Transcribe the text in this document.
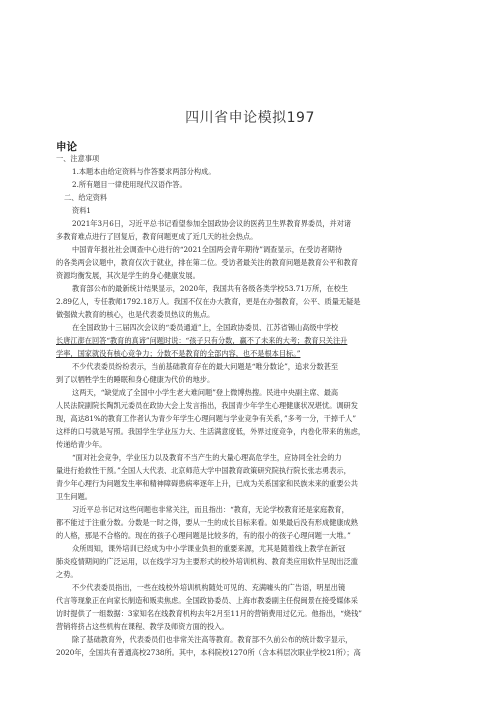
四川省申论模拟197
申论
一、注意事项
1.本题本由给定资料与作答要求两部分构成。
2.所有题目一律使用现代汉语作答。
二、给定资料
资料1
2021年3月6日，习近平总书记看望参加全国政协会议的医药卫生界教育界委员，并对诸
多教育难点进行了回复后，教育问题更成了近几天的社会热点。
中国青年报社社会调查中心进行的“2021全国两会青年期待”调查显示，在受访者期待
的各类两会议题中，教育仅次于就业，排在第二位。受访者最关注的教育问题是教育公平和教育
资源均衡发展，其次是学生的身心健康发展。
教育部公布的最新统计结果显示，2020年，我国共有各级各类学校53.71万所，在校生
2.89亿人，专任教师1792.18万人。我国不仅在办大教育，更是在办强教育，公平、质量无疑是
做强做大教育的核心，也是代表委员热议的焦点。
在全国政协十三届四次会议的“委员通道”上，全国政协委员、江苏省锡山高级中学校
长唐江澎在回答“教育的真谛”问题时说：“孩子只有分数，赢不了未来的大考；教育只关注升
学率，国家就没有核心竞争力；分数不是教育的全部内容，也不是根本目标。”
不少代表委员纷纷表示，当前基础教育存在的最大问题是“唯分数论”，追求分数甚至
到了以牺牲学生的睡眠和身心健康为代价的地步。
这两天，“缺觉成了全国中小学生老大难问题”登上微博热搜。民进中央副主席、最高
人民法院副院长陶凯元委员在政协大会上发言指出，我国青少年学生心理健康状况堪忧。调研发
现，高达81%的教育工作者认为青少年学生心理问题与学业竞争有关系，”多考一分，干掉千人”
这样的口号就是写照。我国学生学业压力大、生活满意度低，外界过度竞争，内卷化带来的焦虑，
传递给青少年。
“面对社会竞争，学业压力以及教育不当产生的大量心理高危学生，应协同全社会的力
量进行抢救性干预。”全国人大代表、北京师范大学中国教育政策研究院执行院长张志勇表示，
青少年心理行为问题发生率和精神障碍患病率逐年上升，已成为关系国家和民族未来的重要公共
卫生问题。
习近平总书记对这些问题也非常关注，而且指出：“教育，无论学校教育还是家庭教育，
都不能过于注重分数。分数是一时之得，要从一生的成长目标来看。如果最后没有形成健康成熟
的人格，那是不合格的。现在的孩子心理问题是比较多的，有的很小的孩子心理问题一大堆。”
众所周知，课外培训已经成为中小学课业负担的重要来源，尤其是随着线上教学在新冠
肺炎疫情期间的广泛运用，以在线学习为主要形式的校外培训机构、教育类应用软件呈现出泛滥
之势。
不少代表委员指出，一些在线校外培训机构随处可见的、充满噱头的广告语，明星出镜
代言等现象正在向家长制造和贩卖焦虑。全国政协委员、上海市教委副主任倪闽景在接受媒体采
访时提供了一组数据：3家知名在线教育机构去年2月至11月的营销费用过亿元。他指出，“烧钱”
营销将挤占这些机构在课程、教学及师资方面的投入。
除了基础教育外，代表委员们也非常关注高等教育。教育部不久前公布的统计数字显示，
2020年，全国共有普通高校2738所。其中，本科院校1270所（含本科层次职业学校21所）；高
